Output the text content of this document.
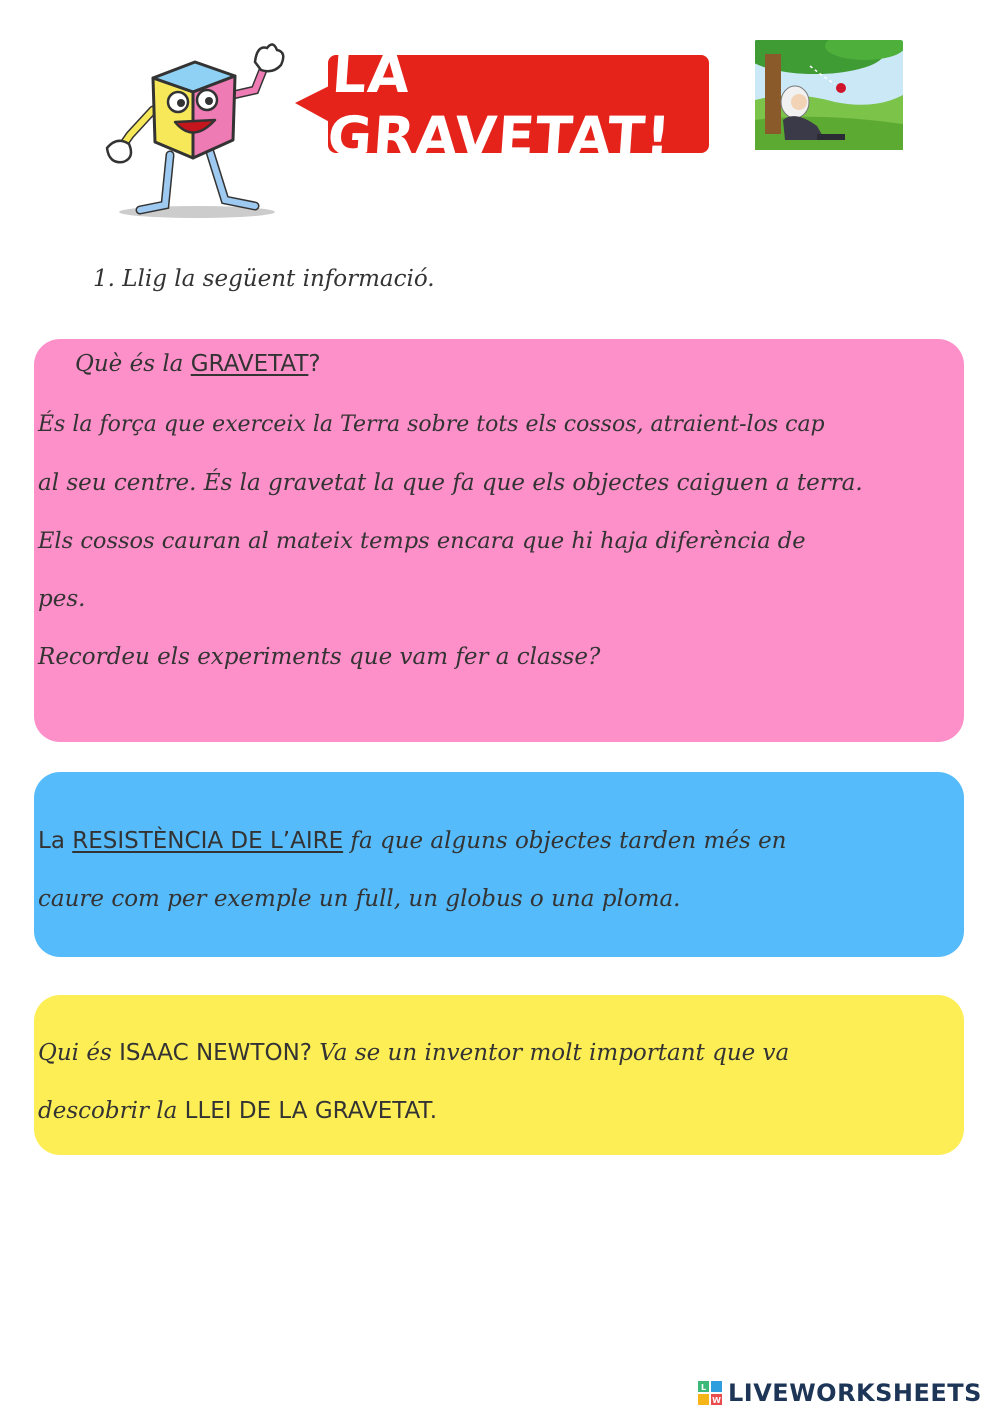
LA GRAVETAT!
1. Llig la següent informació.
Què és la GRAVETAT?
És la força que exerceix la Terra sobre tots els cossos, atraient-los cap
al seu centre. És la gravetat la que fa que els objectes caiguen a terra.
Els cossos cauran al mateix temps encara que hi haja diferència de
pes.
Recordeu els experiments que vam fer a classe?
La RESISTÈNCIA DE L’AIRE fa que alguns objectes tarden més en
caure com per exemple un full, un globus o una ploma.
Qui és ISAAC NEWTON? Va se un inventor molt important que va
descobrir la LLEI DE LA GRAVETAT.
L
W LIVEWORKSHEETS
